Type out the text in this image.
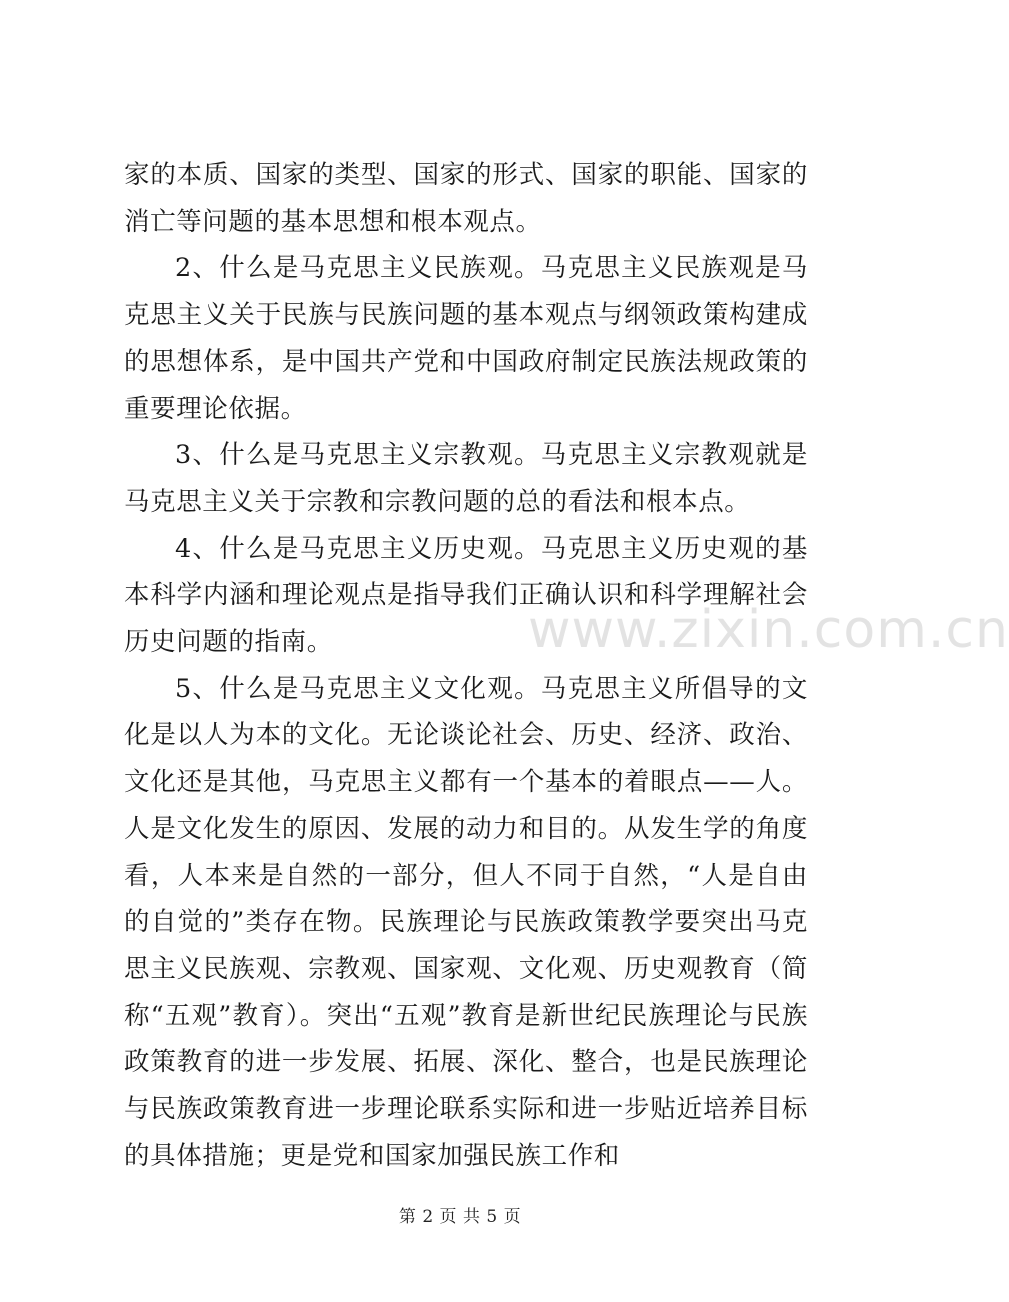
家的本质、国家的类型、国家的形式、国家的职能、国家的消亡等问题的基本思想和根本观点。

2、什么是马克思主义民族观。马克思主义民族观是马克思主义关于民族与民族问题的基本观点与纲领政策构建成的思想体系，是中国共产党和中国政府制定民族法规政策的重要理论依据。

3、什么是马克思主义宗教观。马克思主义宗教观就是马克思主义关于宗教和宗教问题的总的看法和根本点。

4、什么是马克思主义历史观。马克思主义历史观的基本科学内涵和理论观点是指导我们正确认识和科学理解社会历史问题的指南。

5、什么是马克思主义文化观。马克思主义所倡导的文化是以人为本的文化。无论谈论社会、历史、经济、政治、文化还是其他，马克思主义都有一个基本的着眼点——人。人是文化发生的原因、发展的动力和目的。从发生学的角度看，人本来是自然的一部分，但人不同于自然，“人是自由的自觉的”类存在物。民族理论与民族政策教学要突出马克思主义民族观、宗教观、国家观、文化观、历史观教育（简称“五观”教育）。突出“五观”教育是新世纪民族理论与民族政策教育的进一步发展、拓展、深化、整合，也是民族理论与民族政策教育进一步理论联系实际和进一步贴近培养目标的具体措施；更是党和国家加强民族工作和

www.zixin.com.cn
第 2 页 共 5 页
